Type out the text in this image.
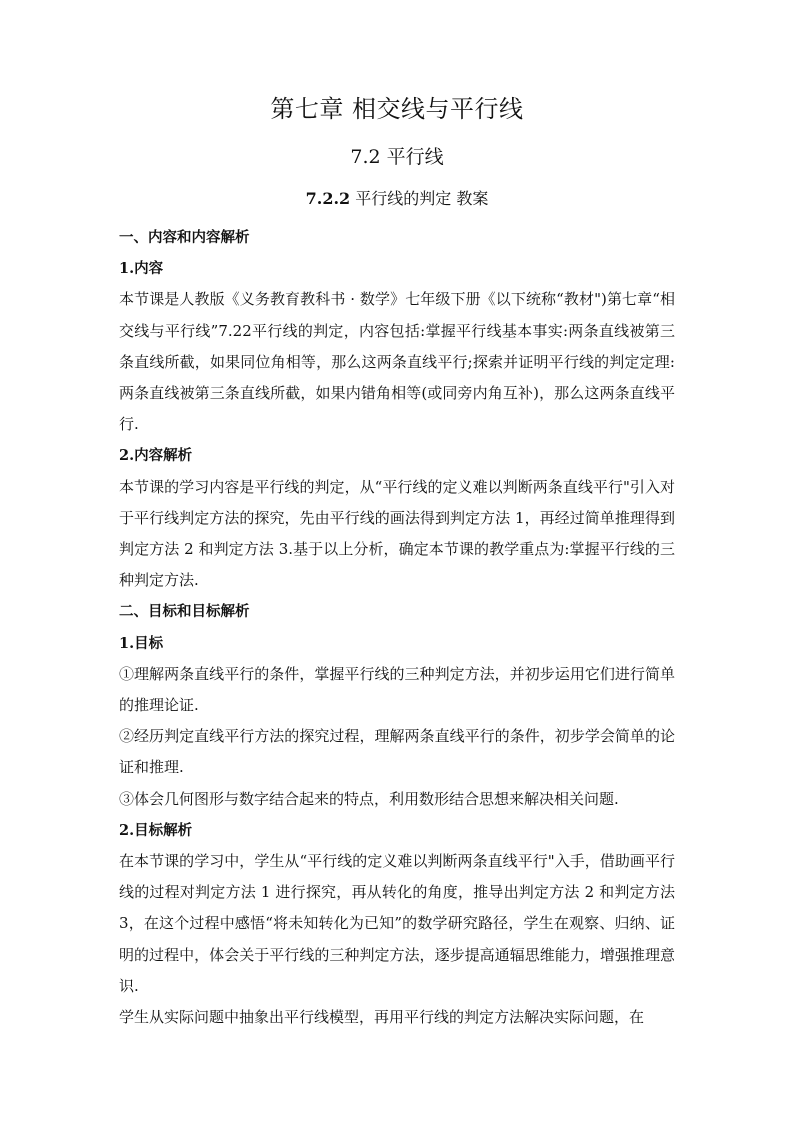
第七章 相交线与平行线
7.2 平行线
7.2.2 平行线的判定 教案

一、内容和内容解析

1.内容

本节课是人教版《义务教育教科书 · 数学》七年级下册《以下统称“教材")第七章“相交线与平行线”7.22平行线的判定，内容包括:掌握平行线基本事实:两条直线被第三条直线所截，如果同位角相等，那么这两条直线平行;探索并证明平行线的判定定理:两条直线被第三条直线所截，如果内错角相等(或同旁内角互补)，那么这两条直线平行.

2.内容解析

本节课的学习内容是平行线的判定，从“平行线的定义难以判断两条直线平行"引入对于平行线判定方法的探究，先由平行线的画法得到判定方法 1，再经过简单推理得到判定方法 2 和判定方法 3.基于以上分析，确定本节课的教学重点为:掌握平行线的三种判定方法.

二、目标和目标解析

1.目标

①理解两条直线平行的条件，掌握平行线的三种判定方法，并初步运用它们进行简单的推理论证.

②经历判定直线平行方法的探究过程，理解两条直线平行的条件，初步学会简单的论证和推理.

③体会几何图形与数字结合起来的特点，利用数形结合思想来解决相关问题.

2.目标解析

在本节课的学习中，学生从“平行线的定义难以判断两条直线平行"入手，借助画平行线的过程对判定方法 1 进行探究，再从转化的角度，推导出判定方法 2 和判定方法 3，在这个过程中感悟“将未知转化为已知”的数学研究路径，学生在观察、归纳、证明的过程中，体会关于平行线的三种判定方法，逐步提高通辐思维能力，增强推理意识.

学生从实际问题中抽象出平行线模型，再用平行线的判定方法解决实际问题，在
